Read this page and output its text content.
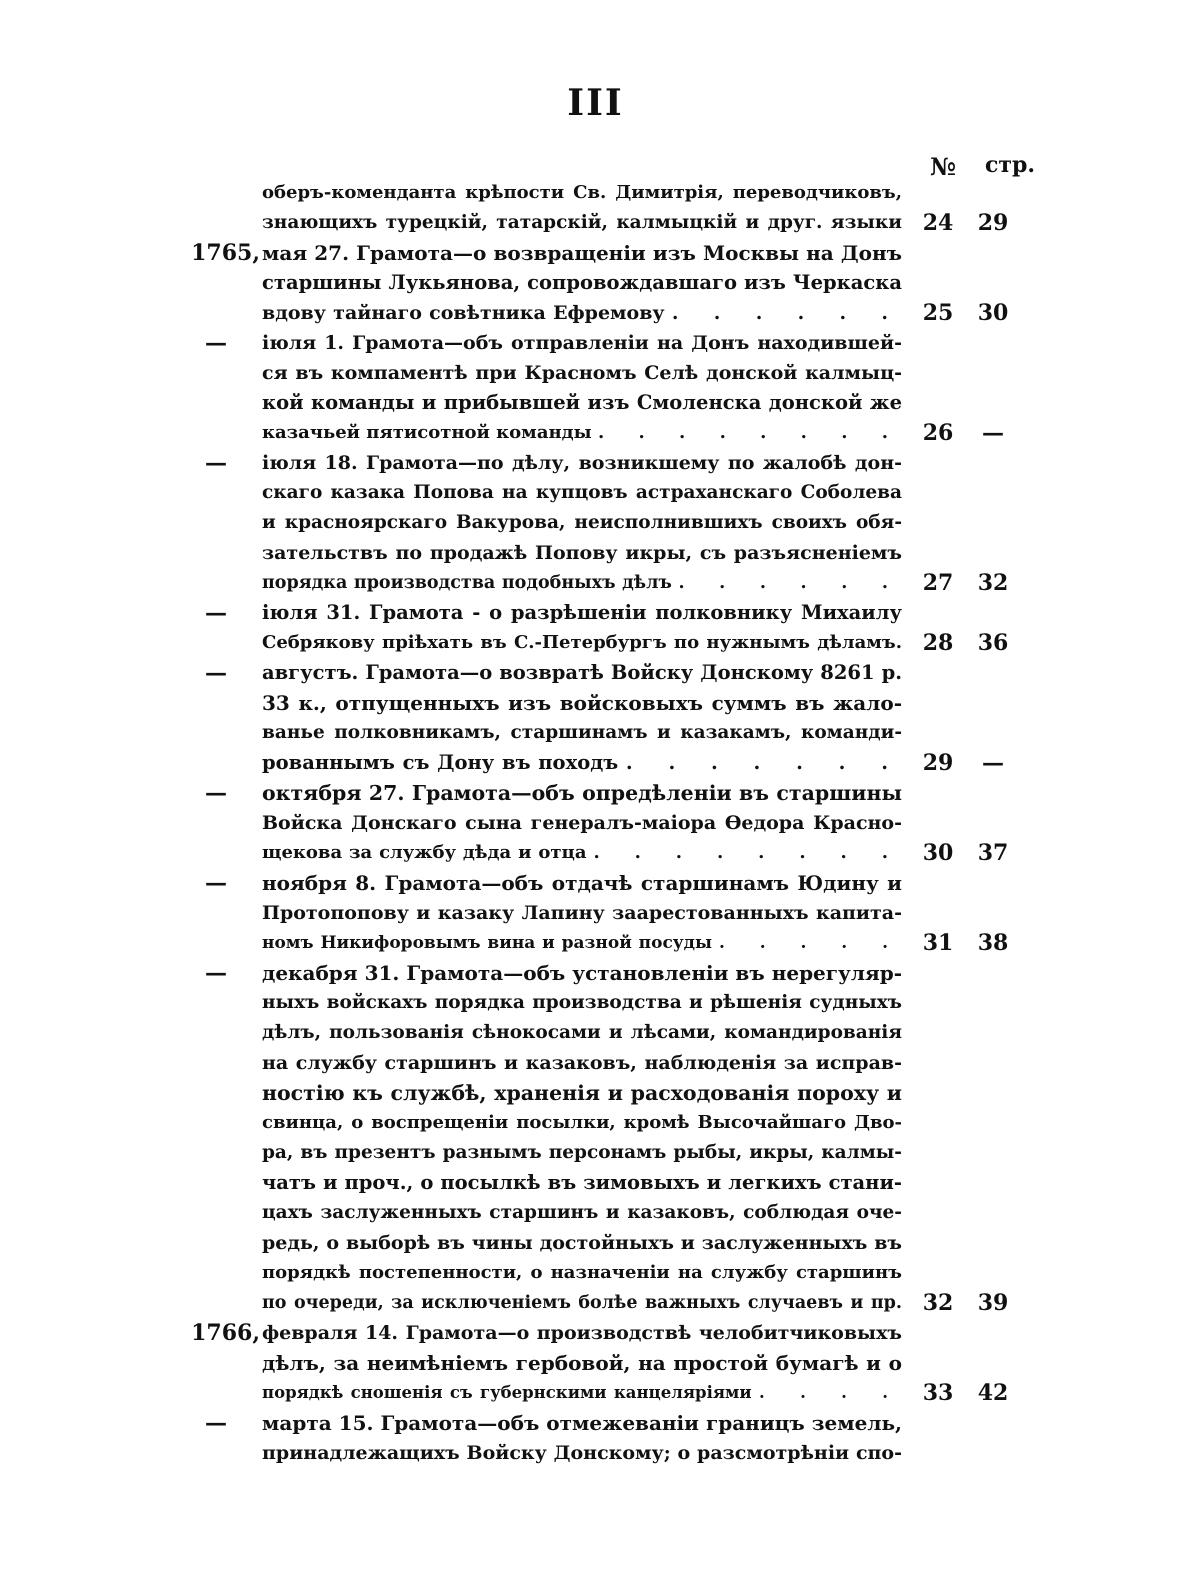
III
№ стр.
оберъ-коменданта крѣпости Св. Димитрія, переводчиковъ,
знающихъ турецкій, татарскій, калмыцкій и друг. языки 24	29
1765, мая 27. Грамота—о возвращеніи изъ Москвы на Донъ
старшины Лукьянова, сопровождавшаго изъ Черкаска
вдову тайнаго совѣтника Ефремову . . . . . . 25	30
— іюля 1. Грамота—объ отправленіи на Донъ находившей-
ся въ компаментѣ при Красномъ Селѣ донской калмыц-
кой команды и прибывшей изъ Смоленска донской же
казачьей пятисотной команды . . . . . . . . 26	—
— іюля 18. Грамота—по дѣлу, возникшему по жалобѣ дон-
скаго казака Попова на купцовъ астраханскаго Соболева
и красноярскаго Вакурова, неисполнившихъ своихъ обя-
зательствъ по продажѣ Попову икры, съ разъясненіемъ
порядка производства подобныхъ дѣлъ . . . . . . 27	32
— іюля 31. Грамота - о разрѣшеніи полковнику Михаилу
Себрякову пріѣхать въ С.-Петербургъ по нужнымъ дѣламъ. 28	36
— августъ. Грамота—о возвратѣ Войску Донскому 8261 р.
33 к., отпущенныхъ изъ войсковыхъ суммъ въ жало-
ванье полковникамъ, старшинамъ и казакамъ, команди-
рованнымъ съ Дону въ походъ . . . . . . . 29	—
— октября 27. Грамота—объ опредѣленіи въ старшины
Войска Донскаго сына генералъ-маіора Ѳедора Красно-
щекова за службу дѣда и отца . . . . . . . . 30	37
— ноября 8. Грамота—объ отдачѣ старшинамъ Юдину и
Протопопову и казаку Лапину заарестованныхъ капита-
номъ Никифоровымъ вина и разной посуды . . . . . 31	38
— декабря 31. Грамота—объ установленіи въ нерегуляр-
ныхъ войскахъ порядка производства и рѣшенія судныхъ
дѣлъ, пользованія сѣнокосами и лѣсами, командированія
на службу старшинъ и казаковъ, наблюденія за исправ-
ностію къ службѣ, храненія и расходованія пороху и
свинца, о воспрещеніи посылки, кромѣ Высочайшаго Дво-
ра, въ презентъ разнымъ персонамъ рыбы, икры, калмы-
чатъ и проч., о посылкѣ въ зимовыхъ и легкихъ стани-
цахъ заслуженныхъ старшинъ и казаковъ, соблюдая оче-
редь, о выборѣ въ чины достойныхъ и заслуженныхъ въ
порядкѣ постепенности, о назначеніи на службу старшинъ
по очереди, за исключеніемъ болѣе важныхъ случаевъ и пр. 32	39
1766, февраля 14. Грамота—о производствѣ челобитчиковыхъ
дѣлъ, за неимѣніемъ гербовой, на простой бумагѣ и о
порядкѣ сношенія съ губернскими канцеляріями . . . . 33	42
— марта 15. Грамота—объ отмежеваніи границъ земель,
принадлежащихъ Войску Донскому; о разсмотрѣніи спо-
